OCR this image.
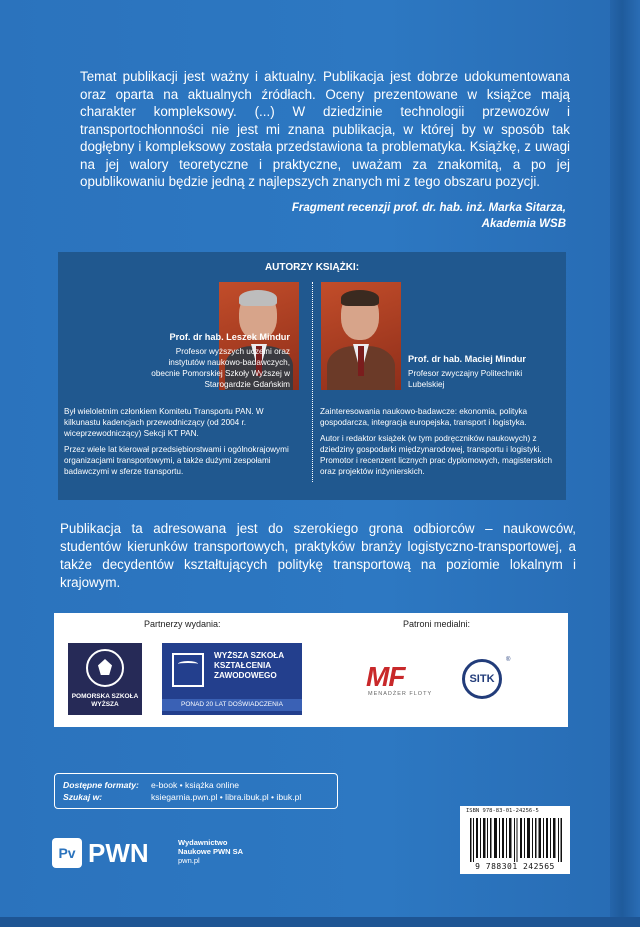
Temat publikacji jest ważny i aktualny. Publikacja jest dobrze udokumentowana oraz oparta na aktualnych źródłach. Oceny prezentowane w książce mają charakter kompleksowy. (...) W dziedzinie technologii przewozów i transportochłonności nie jest mi znana publikacja, w której by w sposób tak dogłębny i kompleksowy została przedstawiona ta problematyka. Książkę, z uwagi na jej walory teoretyczne i praktyczne, uważam za znakomitą, a po jej opublikowaniu będzie jedną z najlepszych znanych mi z tego obszaru pozycji.

Fragment recenzji prof. dr. hab. inż. Marka Sitarza,
Akademia WSB
AUTORZY KSIĄŻKI:
Prof. dr hab. Leszek Mindur
Profesor wyższych uczelni oraz instytutów naukowo-badawczych, obecnie Pomorskiej Szkoły Wyższej w Starogardzie Gdańskim
Prof. dr hab. Maciej Mindur
Profesor zwyczajny Politechniki Lubelskiej

Był wieloletnim członkiem Komitetu Transportu PAN. W kilkunastu kadencjach przewodniczący (od 2004 r. wiceprzewodniczący) Sekcji KT PAN.

Przez wiele lat kierował przedsiębiorstwami i ogólnokrajowymi organizacjami transportowymi, a także dużymi zespołami badawczymi w sferze transportu.

Zainteresowania naukowo-badawcze: ekonomia, polityka gospodarcza, integracja europejska, transport i logistyka.

Autor i redaktor książek (w tym podręczników naukowych) z dziedziny gospodarki międzynarodowej, transportu i logistyki. Promotor i recenzent licznych prac dyplomowych, magisterskich oraz projektów inżynierskich.

Publikacja ta adresowana jest do szerokiego grona odbiorców – naukowców, studentów kierunków transportowych, praktyków branży logistyczno-transportowej, a także decydentów kształtujących politykę transportową na poziomie lokalnym i krajowym.
Partnerzy wydania:	Patroni medialni:
POMORSKA SZKOŁA WYŻSZA
WYŻSZA SZKOŁA
KSZTAŁCENIA
ZAWODOWEGO
PONAD 20 LAT DOŚWIADCZENIA
MF
MENADŻER FLOTY
SITK
®
Dostępne formaty: e-book • książka online
Szukaj w:	ksiegarnia.pwn.pl • libra.ibuk.pl • ibuk.pl
ISBN 978-83-01-24256-5
9 788301 242565
Pv PWN	Wydawnictwo
Naukowe PWN SA
pwn.pl
